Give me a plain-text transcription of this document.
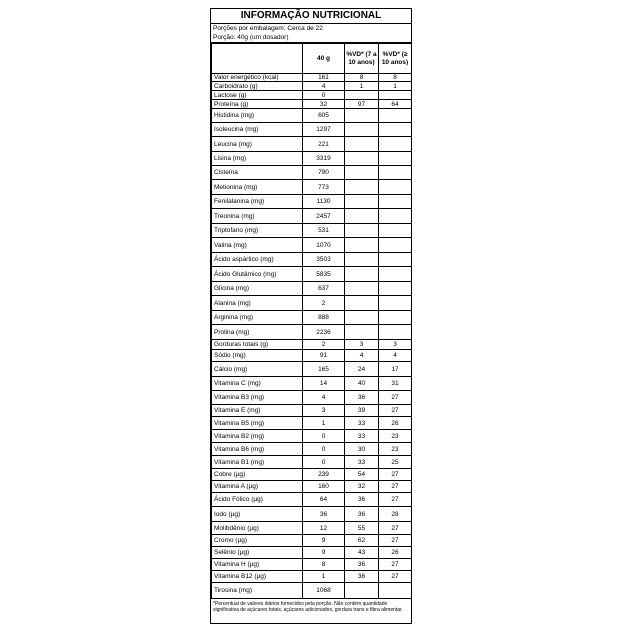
INFORMAÇÃO NUTRICIONAL
Porções por embalagem: Cerca de 22
Porção: 40g (um dosador)
	40 g	%VD* (7 a 10 anos)	%VD* (≥ 10 anos)
Valor energético (kcal)	161	8	8
Carboidrato (g)	4	1	1
Lactose (g)	0		
Proteína (g)	32	97	64
Histidina (mg)	605		
Isoleucina (mg)	1297		
Leucina (mg)	221		
Lisina (mg)	3319		
Cisteína	790		
Metionina (mg)	773		
Fenilalanina (mg)	1130		
Treonina (mg)	2457		
Triptofano (mg)	531		
Valina (mg)	1070		
Ácido aspártico (mg)	3503		
Ácido Glutâmico (mg)	5835		
Glicina (mg)	637		
Alanina (mg)	2		
Arginina (mg)	888		
Prolina (mg)	2236		
Gorduras totais (g)	2	3	3
Sódio (mg)	91	4	4
Cálcio (mg)	165	24	17
Vitamina C (mg)	14	40	31
Vitamina B3 (mg)	4	36	27
Vitamina E (mg)	3	39	27
Vitamina B5 (mg)	1	33	26
Vitamina B2 (mg)	0	33	23
Vitamina B6 (mg)	0	30	23
Vitamina B1 (mg)	0	33	25
Cobre (µg)	239	54	27
Vitamina A (µg)	160	32	27
Ácido Fólico (µg)	64	36	27
Iodo (µg)	36	36	28
Molibdênio (µg)	12	55	27
Cromo (µg)	9	62	27
Selênio (µg)	9	43	26
Vitamina H (µg)	8	36	27
Vitamina B12 (µg)	1	36	27
Tirosina (mg)	1068		
*Percentual de valores diários fornecidos pela porção. Não contém quantidade significativa de açúcares totais, açúcares adicionados, gordura trans e fibra alimentar.
